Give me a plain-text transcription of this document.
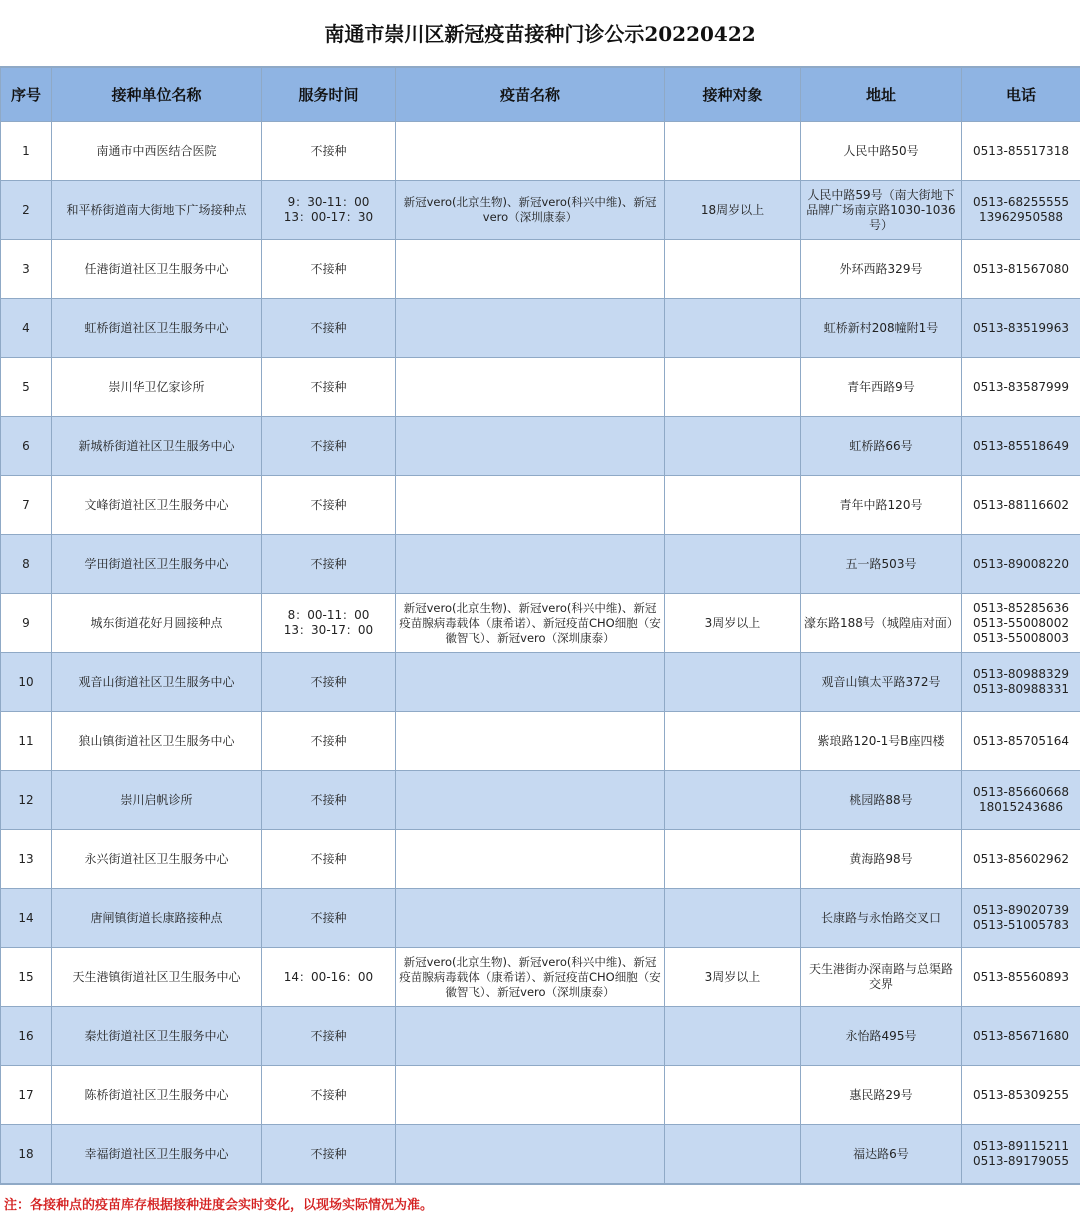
南通市崇川区新冠疫苗接种门诊公示20220422
序号	接种单位名称	服务时间	疫苗名称	接种对象	地址	电话
1	南通市中西医结合医院	不接种			人民中路50号	0513-85517318

2	和平桥街道南大街地下广场接种点	9：30-11：00
13：00-17：30	新冠vero(北京生物)、新冠vero(科兴中维)、新冠vero（深圳康泰）	18周岁以上	人民中路59号（南大街地下品牌广场南京路1030-1036号）	0513-68255555
13962950588

3	任港街道社区卫生服务中心	不接种			外环西路329号	0513-81567080

4	虹桥街道社区卫生服务中心	不接种			虹桥新村208幢附1号	0513-83519963

5	崇川华卫亿家诊所	不接种			青年西路9号	0513-83587999

6	新城桥街道社区卫生服务中心	不接种			虹桥路66号	0513-85518649

7	文峰街道社区卫生服务中心	不接种			青年中路120号	0513-88116602

8	学田街道社区卫生服务中心	不接种			五一路503号	0513-89008220

9	城东街道花好月圆接种点	8：00-11：00
13：30-17：00	新冠vero(北京生物)、新冠vero(科兴中维)、新冠疫苗腺病毒载体（康希诺）、新冠疫苗CHO细胞（安徽智飞）、新冠vero（深圳康泰）	3周岁以上	濠东路188号（城隍庙对面）	0513-85285636
0513-55008002
0513-55008003

10	观音山街道社区卫生服务中心	不接种			观音山镇太平路372号	0513-80988329
0513-80988331

11	狼山镇街道社区卫生服务中心	不接种			紫琅路120-1号B座四楼	0513-85705164

12	崇川启帆诊所	不接种			桃园路88号	0513-85660668
18015243686

13	永兴街道社区卫生服务中心	不接种			黄海路98号	0513-85602962

14	唐闸镇街道长康路接种点	不接种			长康路与永怡路交叉口	0513-89020739
0513-51005783

15	天生港镇街道社区卫生服务中心	14：00-16：00	新冠vero(北京生物)、新冠vero(科兴中维)、新冠疫苗腺病毒载体（康希诺）、新冠疫苗CHO细胞（安徽智飞）、新冠vero（深圳康泰）	3周岁以上	天生港街办深南路与总渠路交界	0513-85560893

16	秦灶街道社区卫生服务中心	不接种			永怡路495号	0513-85671680

17	陈桥街道社区卫生服务中心	不接种			惠民路29号	0513-85309255

18	幸福街道社区卫生服务中心	不接种			福达路6号	0513-89115211
0513-89179055
注：各接种点的疫苗库存根据接种进度会实时变化，以现场实际情况为准。
